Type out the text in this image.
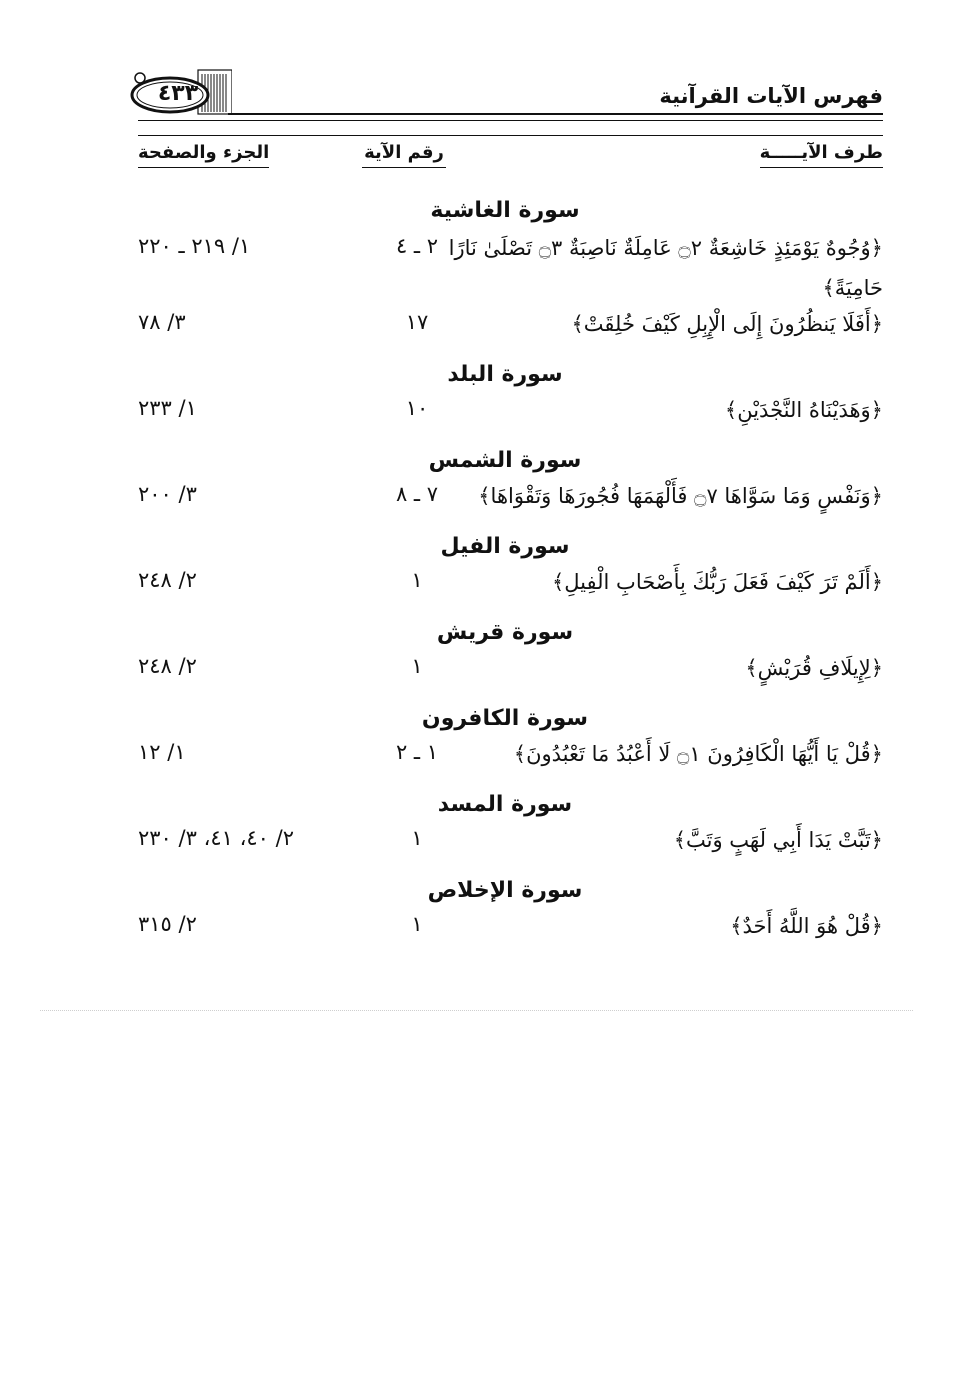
فهرس الآيات القرآنية
٤٣٣
طرف الآيـــــة
رقم الآية
الجزء والصفحة
سورة الغاشية
﴿وُجُوهٌ يَوْمَئِذٍ خَاشِعَةٌ ۝٢ عَامِلَةٌ نَاصِبَةٌ ۝٣ تَصْلَىٰ نَارًا حَامِيَةً﴾
٢ ـ ٤
١/ ٢١٩ ـ ٢٢٠
﴿أَفَلَا يَنظُرُونَ إِلَى الْإِبِلِ كَيْفَ خُلِقَتْ﴾
١٧
٣/ ٧٨
سورة البلد
﴿وَهَدَيْنَاهُ النَّجْدَيْنِ﴾
١٠
١/ ٢٣٣
سورة الشمس
﴿وَنَفْسٍ وَمَا سَوَّاهَا ۝٧ فَأَلْهَمَهَا فُجُورَهَا وَتَقْوَاهَا﴾
٧ ـ ٨
٣/ ٢٠٠
سورة الفيل
﴿أَلَمْ تَرَ كَيْفَ فَعَلَ رَبُّكَ بِأَصْحَابِ الْفِيلِ﴾
١
٢/ ٢٤٨
سورة قريش
﴿لِإِيلَافِ قُرَيْشٍ﴾
١
٢/ ٢٤٨
سورة الكافرون
﴿قُلْ يَا أَيُّهَا الْكَافِرُونَ ۝١ لَا أَعْبُدُ مَا تَعْبُدُونَ﴾
١ ـ ٢
١/ ١٢
سورة المسد
﴿تَبَّتْ يَدَا أَبِي لَهَبٍ وَتَبَّ﴾
١
٢/ ٤٠، ٤١، ٣/ ٢٣٠
سورة الإخلاص
﴿قُلْ هُوَ اللَّهُ أَحَدٌ﴾
١
٢/ ٣١٥
